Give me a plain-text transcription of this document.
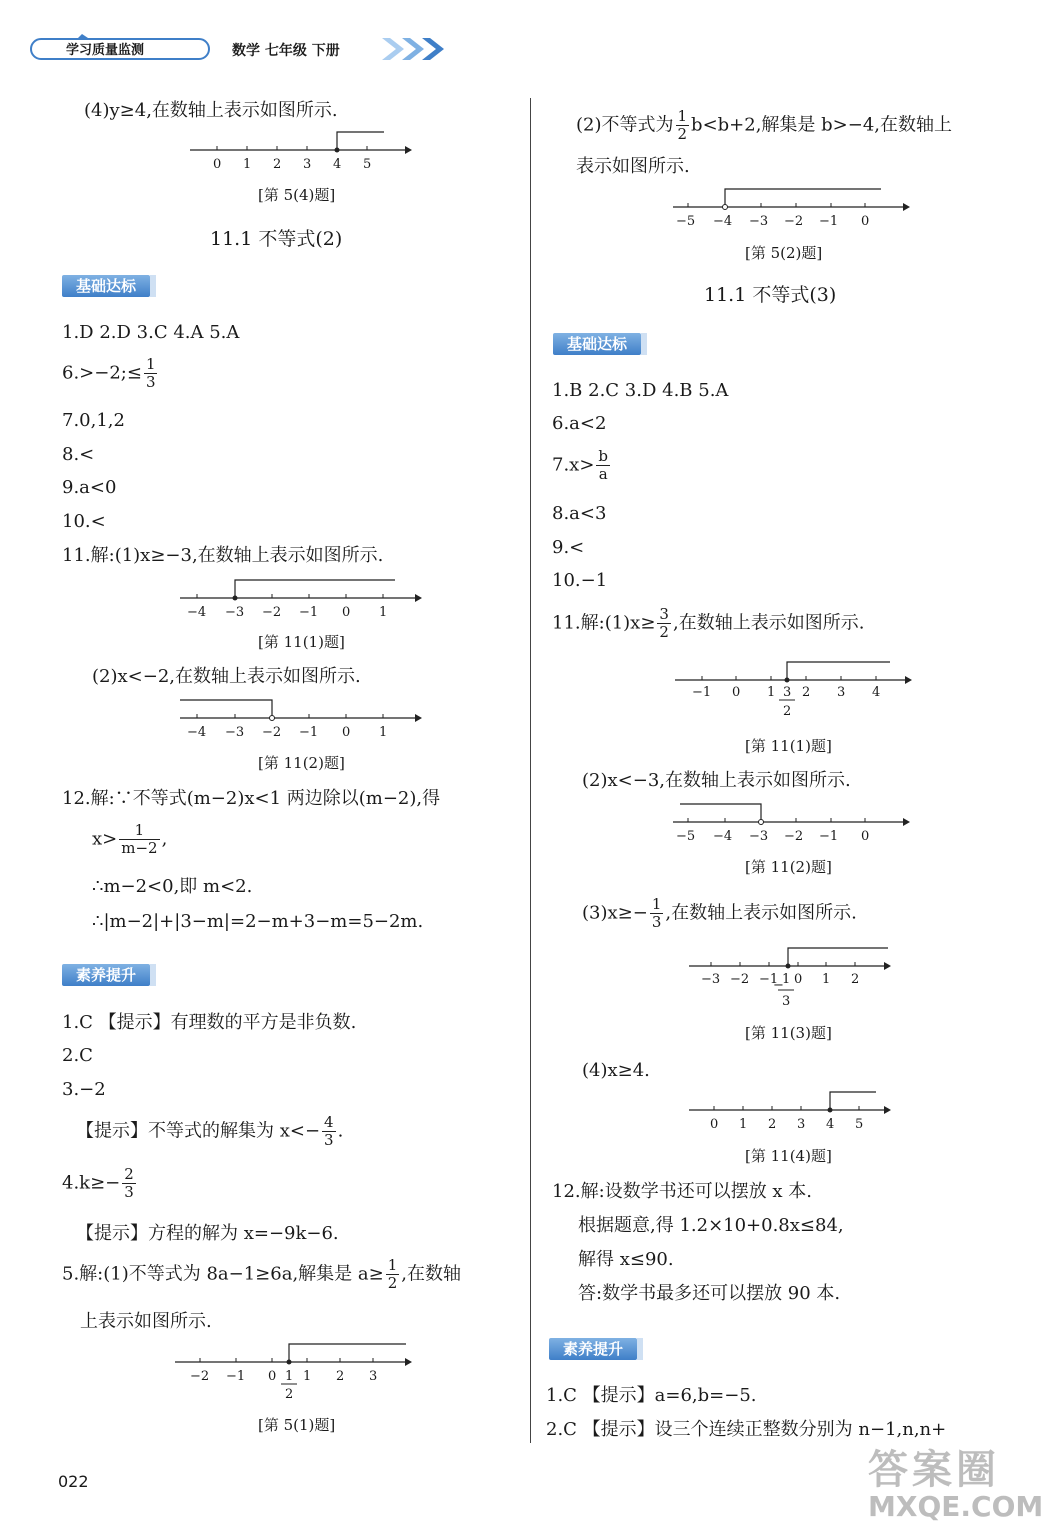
学习质量监测	数学 七年级 下册
(4)y≥4,在数轴上表示如图所示.
0 1 2 3 4 5
[第 5(4)题]
11.1 不等式(2)
基础达标
1.D 2.D 3.C 4.A 5.A
6.>−2;≤ $\frac{1}{3}$
7.0,1,2
8.<
9.a<0
10.<
11.解:(1)x≥−3,在数轴上表示如图所示.
−4 −3 −2 −1 0 1
[第 11(1)题]
(2)x<−2,在数轴上表示如图所示.
−4 −3 −2 −1 0 1
[第 11(2)题]
12.解:∵不等式(m−2)x<1 两边除以(m−2),得
$x> \frac{1}{m-2}$ ,
∴m−2<0,即 m<2.
∴|m−2|+|3−m|=2−m+3−m=5−2m.
素养提升
1.C 【提示】有理数的平方是非负数.
2.C
3.−2
【提示】不等式的解集为 $x<- \frac{4}{3}$ .
$4.k\ge- \frac{2}{3}$
【提示】方程的解为 x=−9k−6.
5.解:(1)不等式为 8a−1≥6a,解集是 $a\ge \frac{1}{2}$ ,在数轴
上表示如图所示.
−2 −1 0 1 2 3
1
2
[第 5(1)题]
(2)不等式为 $\frac{1}{2} b<b+2$,解集是 b>−4,在数轴上
表示如图所示.
−5 −4 −3 −2 −1 0
[第 5(2)题]
11.1 不等式(3)
基础达标
1.B 2.C 3.D 4.B 5.A
6.a<2
$7.x> \frac{b}{a}$
8.a<3
9.<
10.−1
11.解:(1)x≥ $\frac{3}{2}$ ,在数轴上表示如图所示.
−1 0 1 2 3 4
3
2
[第 11(1)题]
(2)x<−3,在数轴上表示如图所示.
−5 −4 −3 −2 −1 0
[第 11(2)题]
$(3)x\ge- \frac{1}{3}$ ,在数轴上表示如图所示.
−3 −2 −1 0 1 2
−
1
3
[第 11(3)题]
(4)x≥4.
0 1 2 3 4 5
[第 11(4)题]
12.解:设数学书还可以摆放 x 本.
根据题意,得 1.2×10+0.8x≤84,
解得 x≤90.
答:数学书最多还可以摆放 90 本.
素养提升
1.C 【提示】a=6,b=−5.
2.C 【提示】设三个连续正整数分别为 n−1,n,n+
022	答案圈
MXQE.COM
